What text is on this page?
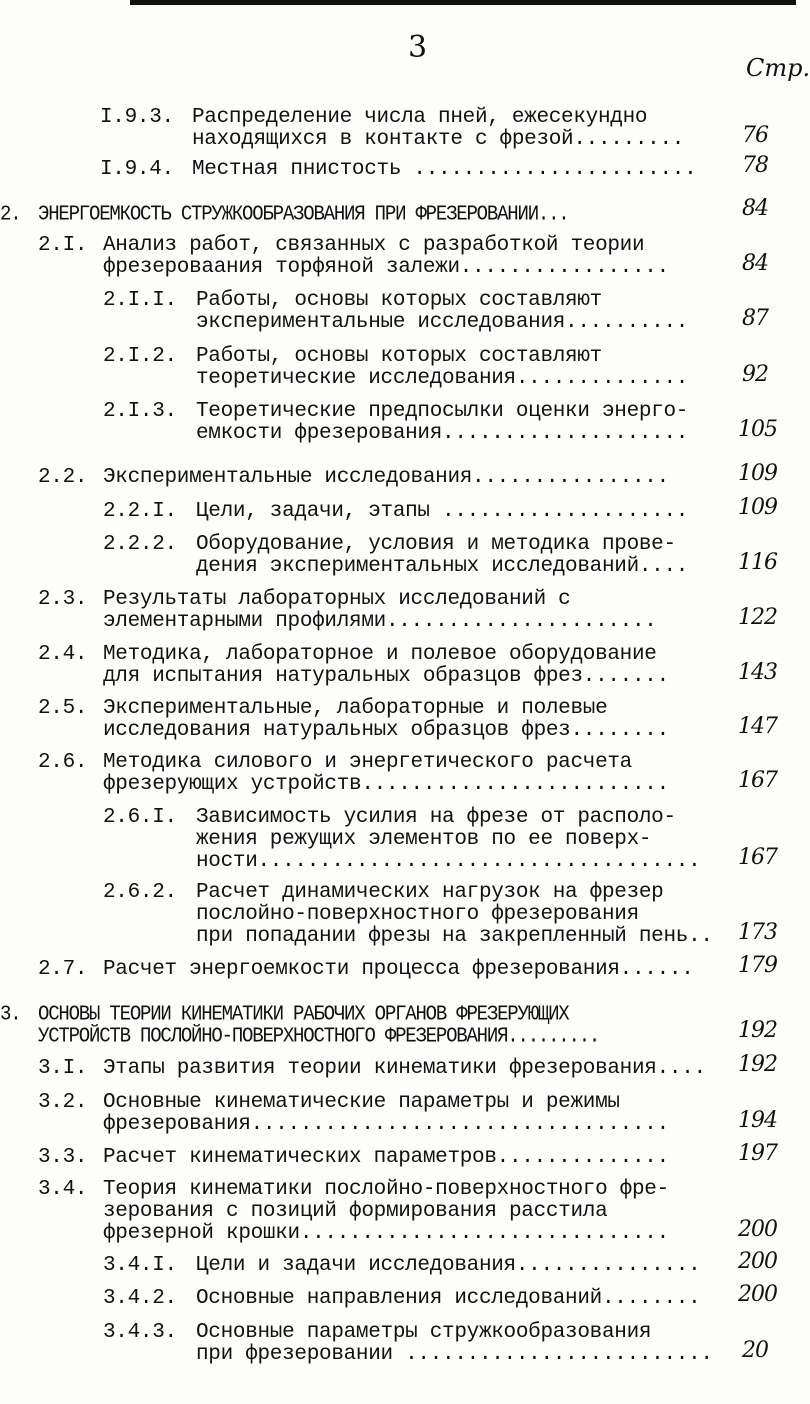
3
Стр.
I.9.3. Распределение числа пней, ежесекундно
находящихся в контакте с фрезой.........	76
I.9.4. Местная пнистость ....................... 78
2. ЭНЕРГОЕМКОСТЬ СТРУЖКООБРАЗОВАНИЯ ПРИ ФРЕЗЕРОВАНИИ...	84
2.I. Анализ работ, связанных с разработкой теории
фрезероваания торфяной залежи.................	84
2.I.I. Работы, основы которых составляют
экспериментальные исследования.......... 87
2.I.2. Работы, основы которых составляют
теоретические исследования.............. 92
2.I.3. Теоретические предпосылки оценки энерго-
емкости фрезерования.................... 105
2.2. Экспериментальные исследования................	109
2.2.I. Цели, задачи, этапы .................... 109
2.2.2. Оборудование, условия и методика прове-
дения экспериментальных исследований.... 116
2.3. Результаты лабораторных исследований с
элементарными профилями......................	122
2.4. Методика, лабораторное и полевое оборудование
для испытания натуральных образцов фрез.......	143
2.5. Экспериментальные, лабораторные и полевые
исследования натуральных образцов фрез........	147
2.6. Методика силового и энергетического расчета
фрезерующих устройств.........................	167
2.6.I. Зависимость усилия на фрезе от располо-
жения режущих элементов по ее поверх-
ности.................................... 167
2.6.2. Расчет динамических нагрузок на фрезер
послойно-поверхностного фрезерования
при попадании фрезы на закрепленный пень.. 173
2.7. Расчет энергоемкости процесса фрезерования...... 179
3. ОСНОВЫ ТЕОРИИ КИНЕМАТИКИ РАБОЧИХ ОРГАНОВ ФРЕЗЕРУЮЩИХ
УСТРОЙСТВ ПОСЛОЙНО-ПОВЕРХНОСТНОГО ФРЕЗЕРОВАНИЯ.........	192
3.I. Этапы развития теории кинематики фрезерования.... 192
3.2. Основные кинематические параметры и режимы
фрезерования..................................	194
3.3. Расчет кинематических параметров..............	197
3.4. Теория кинематики послойно-поверхностного фре-
зерования с позиций формирования расстила
фрезерной крошки..............................	200
3.4.I. Цели и задачи исследования............... 200
3.4.2. Основные направления исследований........ 200
3.4.3. Основные параметры стружкообразования
при фрезеровании ......................... 20
